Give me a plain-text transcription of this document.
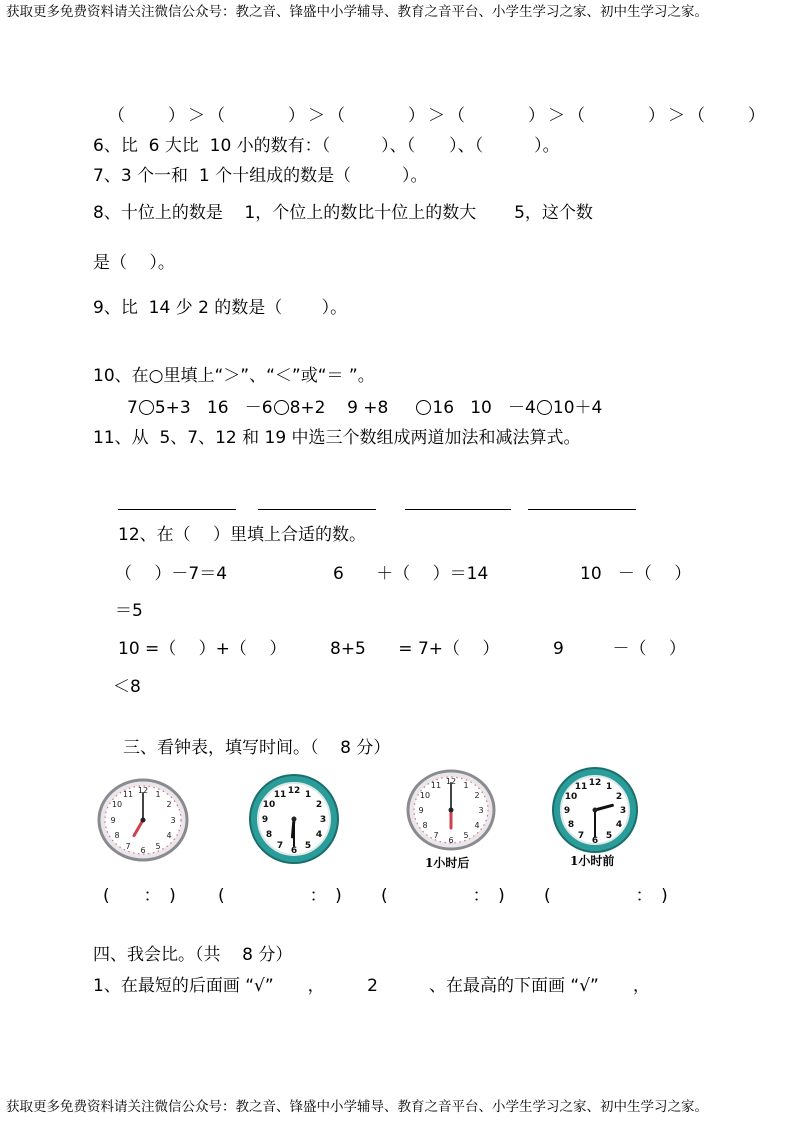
获取更多免费资料请关注微信公众号：教之音、锋盛中小学辅导、教育之音平台、小学生学习之家、初中生学习之家。
获取更多免费资料请关注微信公众号：教之音、锋盛中小学辅导、教育之音平台、小学生学习之家、初中生学习之家。
（　　）＞（　　　）＞（　　　）＞（　　　）＞（　　　）＞（　　）
6、比  6 大比  10 小的数有：（　　　）、（　　）、（　　　）。
7、3 个一和  1 个十组成的数是（　　　）。
8、十位上的数是    1，个位上的数比十位上的数大       5，这个数
是（　 ）。
9、比  14 少 2 的数是（　　 ）。
10、在○里填上“＞”、“＜”或“＝ ”。
7 5+3   16   －6 8+2    9 +8     16   10   －4 10＋4
11、从  5、7、12 和 19 中选三个数组成两道加法和减法算式。
12、在（　 ）里填上合适的数。
（　 ）－7＝4	6      ＋（　 ）＝14	10   －（　 ）
＝5
10 =（　 ）+（　 ）	8+5      = 7+（　 ）	9         －（　 ）
＜8
三、看钟表，填写时间。（    8 分）
12 1
2
3
4
5
6
7
8
9
10
11	12 1
2
3
4
5
6
7
8
9
10
11
12 1
2
3
4
5
6
7
8
9
10
11
1小时后
12 1
2
3
4
5
6
7
8
9
10
11
1小时前
(　　：　) (　　　　　：　) (　　　　　：　) (　　　　　：　)
四、我会比。（共    8 分）
1、在最短的后面画 “√”　　，　　　2　　　、在最高的下面画 “√”　　，
